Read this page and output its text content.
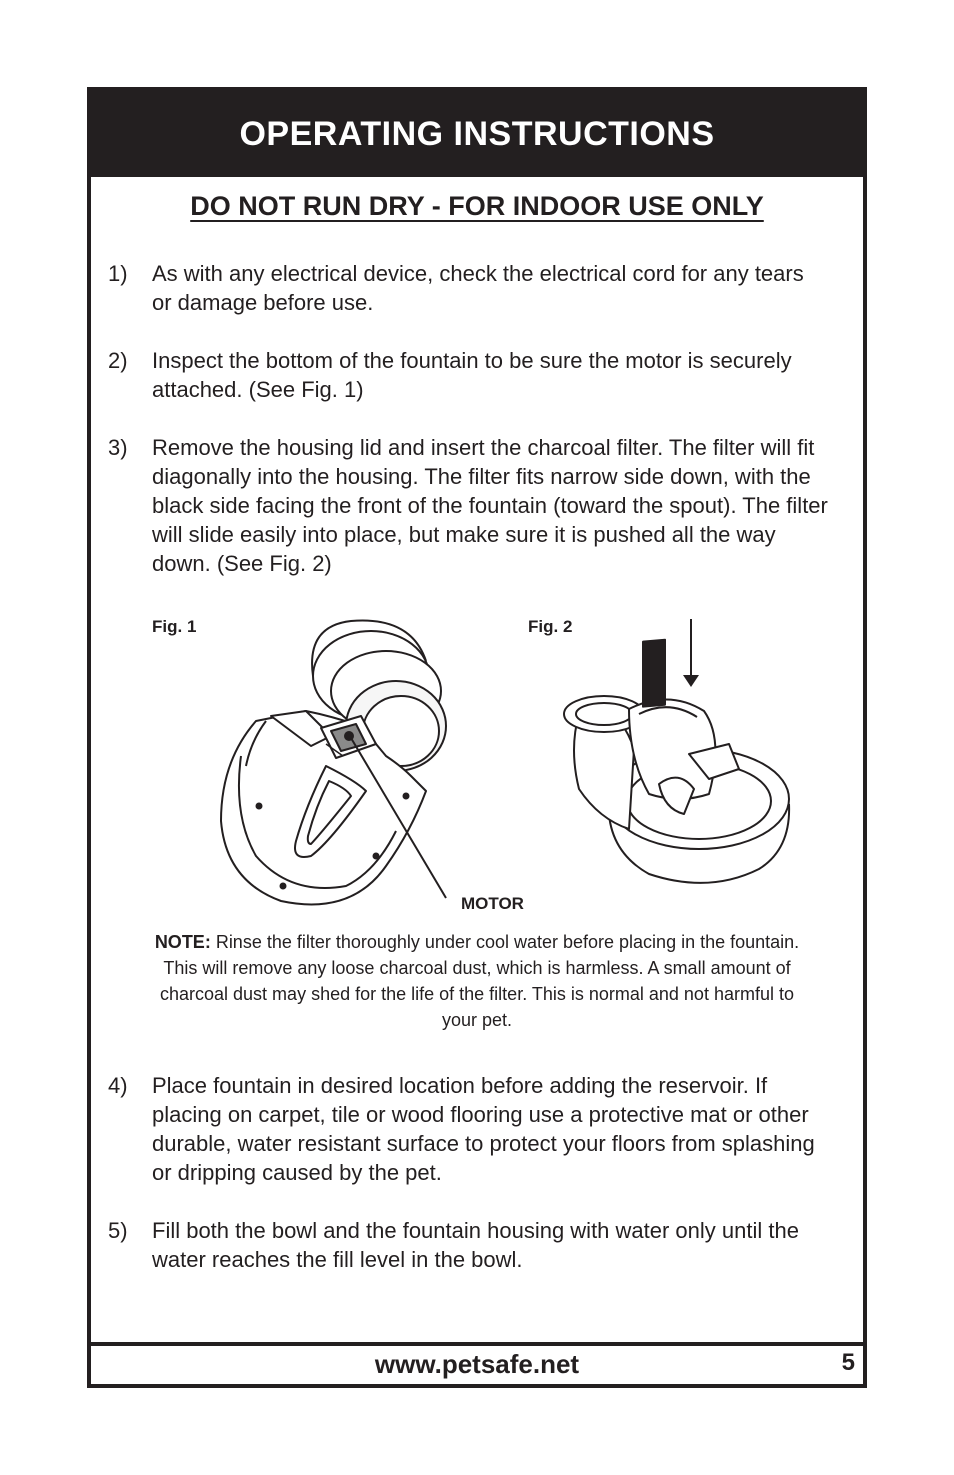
OPERATING INSTRUCTIONS
DO NOT RUN DRY - FOR INDOOR USE ONLY
1) As with any electrical device, check the electrical cord for any tears or damage before use.
2) Inspect the bottom of the fountain to be sure the motor is securely attached. (See Fig. 1)
3) Remove the housing lid and insert the charcoal filter. The filter will fit diagonally into the housing. The filter fits narrow side down, with the black side facing the front of the fountain (toward the spout). The filter will slide easily into place, but make sure it is pushed all the way down. (See Fig. 2)
Fig. 1	Fig. 2
MOTOR
NOTE: Rinse the filter thoroughly under cool water before placing in the fountain. This will remove any loose charcoal dust, which is harmless. A small amount of charcoal dust may shed for the life of the filter. This is normal and not harmful to your pet.
4) Place fountain in desired location before adding the reservoir. If placing on carpet, tile or wood flooring use a protective mat or other durable, water resistant surface to protect your floors from splashing or dripping caused by the pet.
5) Fill both the bowl and the fountain housing with water only until the water reaches the fill level in the bowl.
www.petsafe.net	5
